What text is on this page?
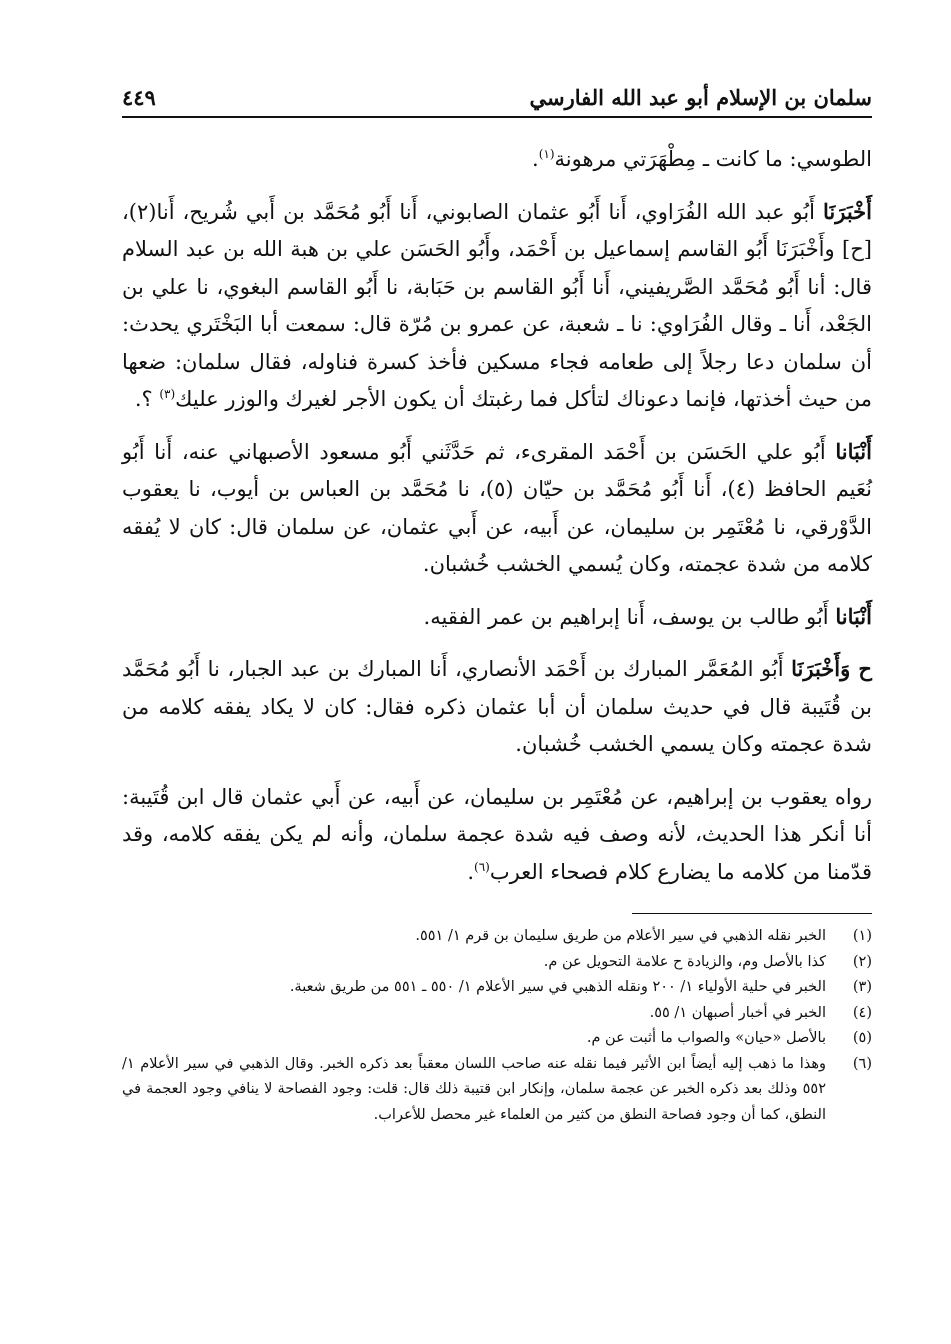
سلمان بن الإسلام أبو عبد الله الفارسي
٤٤٩

الطوسي: ما كانت ـ مِطْهَرَتي مرهونة$^{(١)}$.

أَخْبَرَنَا أَبُو عبد الله الفُرَاوي، أَنا أَبُو عثمان الصابوني، أَنا أَبُو مُحَمَّد بن أَبي شُريح، أَنا(٢)، [ح] وأَخْبَرَنَا أَبُو القاسم إسماعيل بن أَحْمَد، وأَبُو الحَسَن علي بن هبة الله بن عبد السلام قال: أنا أَبُو مُحَمَّد الصَّريفيني، أَنا أَبُو القاسم بن حَبَابة، نا أَبُو القاسم البغوي، نا علي بن الجَعْد، أَنا ـ وقال الفُرَاوي: نا ـ شعبة، عن عمرو بن مُرّة قال: سمعت أبا البَخْتَري يحدث: أن سلمان دعا رجلاً إلى طعامه فجاء مسكين فأخذ كسرة فناوله، فقال سلمان: ضعها من حيث أخذتها، فإنما دعوناك لتأكل فما رغبتك أن يكون الأجر لغيرك والوزر عليك$^{(٣)}$ ؟.

أَنْبَانا أَبُو علي الحَسَن بن أَحْمَد المقرىء، ثم حَدَّثَني أَبُو مسعود الأصبهاني عنه، أَنا أَبُو نُعَيم الحافظ (٤)، أَنا أَبُو مُحَمَّد بن حيّان (٥)، نا مُحَمَّد بن العباس بن أيوب، نا يعقوب الدَّوْرقي، نا مُعْتَمِر بن سليمان، عن أَبيه، عن أَبي عثمان، عن سلمان قال: كان لا يُفقه كلامه من شدة عجمته، وكان يُسمي الخشب خُشبان.

أَنْبَانا أَبُو طالب بن يوسف، أَنا إبراهيم بن عمر الفقيه.

ح وَأَخْبَرَنَا أَبُو المُعَمَّر المبارك بن أَحْمَد الأنصاري، أَنا المبارك بن عبد الجبار، نا أَبُو مُحَمَّد بن قُتَيبة قال في حديث سلمان أن أبا عثمان ذكره فقال: كان لا يكاد يفقه كلامه من شدة عجمته وكان يسمي الخشب خُشبان.

رواه يعقوب بن إبراهيم، عن مُعْتَمِر بن سليمان، عن أَبيه، عن أَبي عثمان قال ابن قُتَيبة: أنا أنكر هذا الحديث، لأنه وصف فيه شدة عجمة سلمان، وأنه لم يكن يفقه كلامه، وقد قدّمنا من كلامه ما يضارع كلام فصحاء العرب$^{(٦)}$.

(١)
الخبر نقله الذهبي في سير الأعلام من طريق سليمان بن قرم ١/ ٥٥١.
(٢)
كذا بالأصل وم، والزيادة ح علامة التحويل عن م.
(٣)
الخبر في حلية الأولياء ١/ ٢٠٠ ونقله الذهبي في سير الأعلام ١/ ٥٥٠ ـ ٥٥١ من طريق شعبة.
(٤)
الخبر في أخبار أصبهان ١/ ٥٥.
(٥)
بالأصل «حيان» والصواب ما أثبت عن م.
(٦)
وهذا ما ذهب إليه أيضاً ابن الأثير فيما نقله عنه صاحب اللسان معقباً بعد ذكره الخبر. وقال الذهبي في سير الأعلام ١/ ٥٥٢ وذلك بعد ذكره الخبر عن عجمة سلمان، وإنكار ابن قتيبة ذلك قال: قلت: وجود الفصاحة لا ينافي وجود العجمة في النطق، كما أن وجود فصاحة النطق من كثير من العلماء غير محصل للأعراب.
